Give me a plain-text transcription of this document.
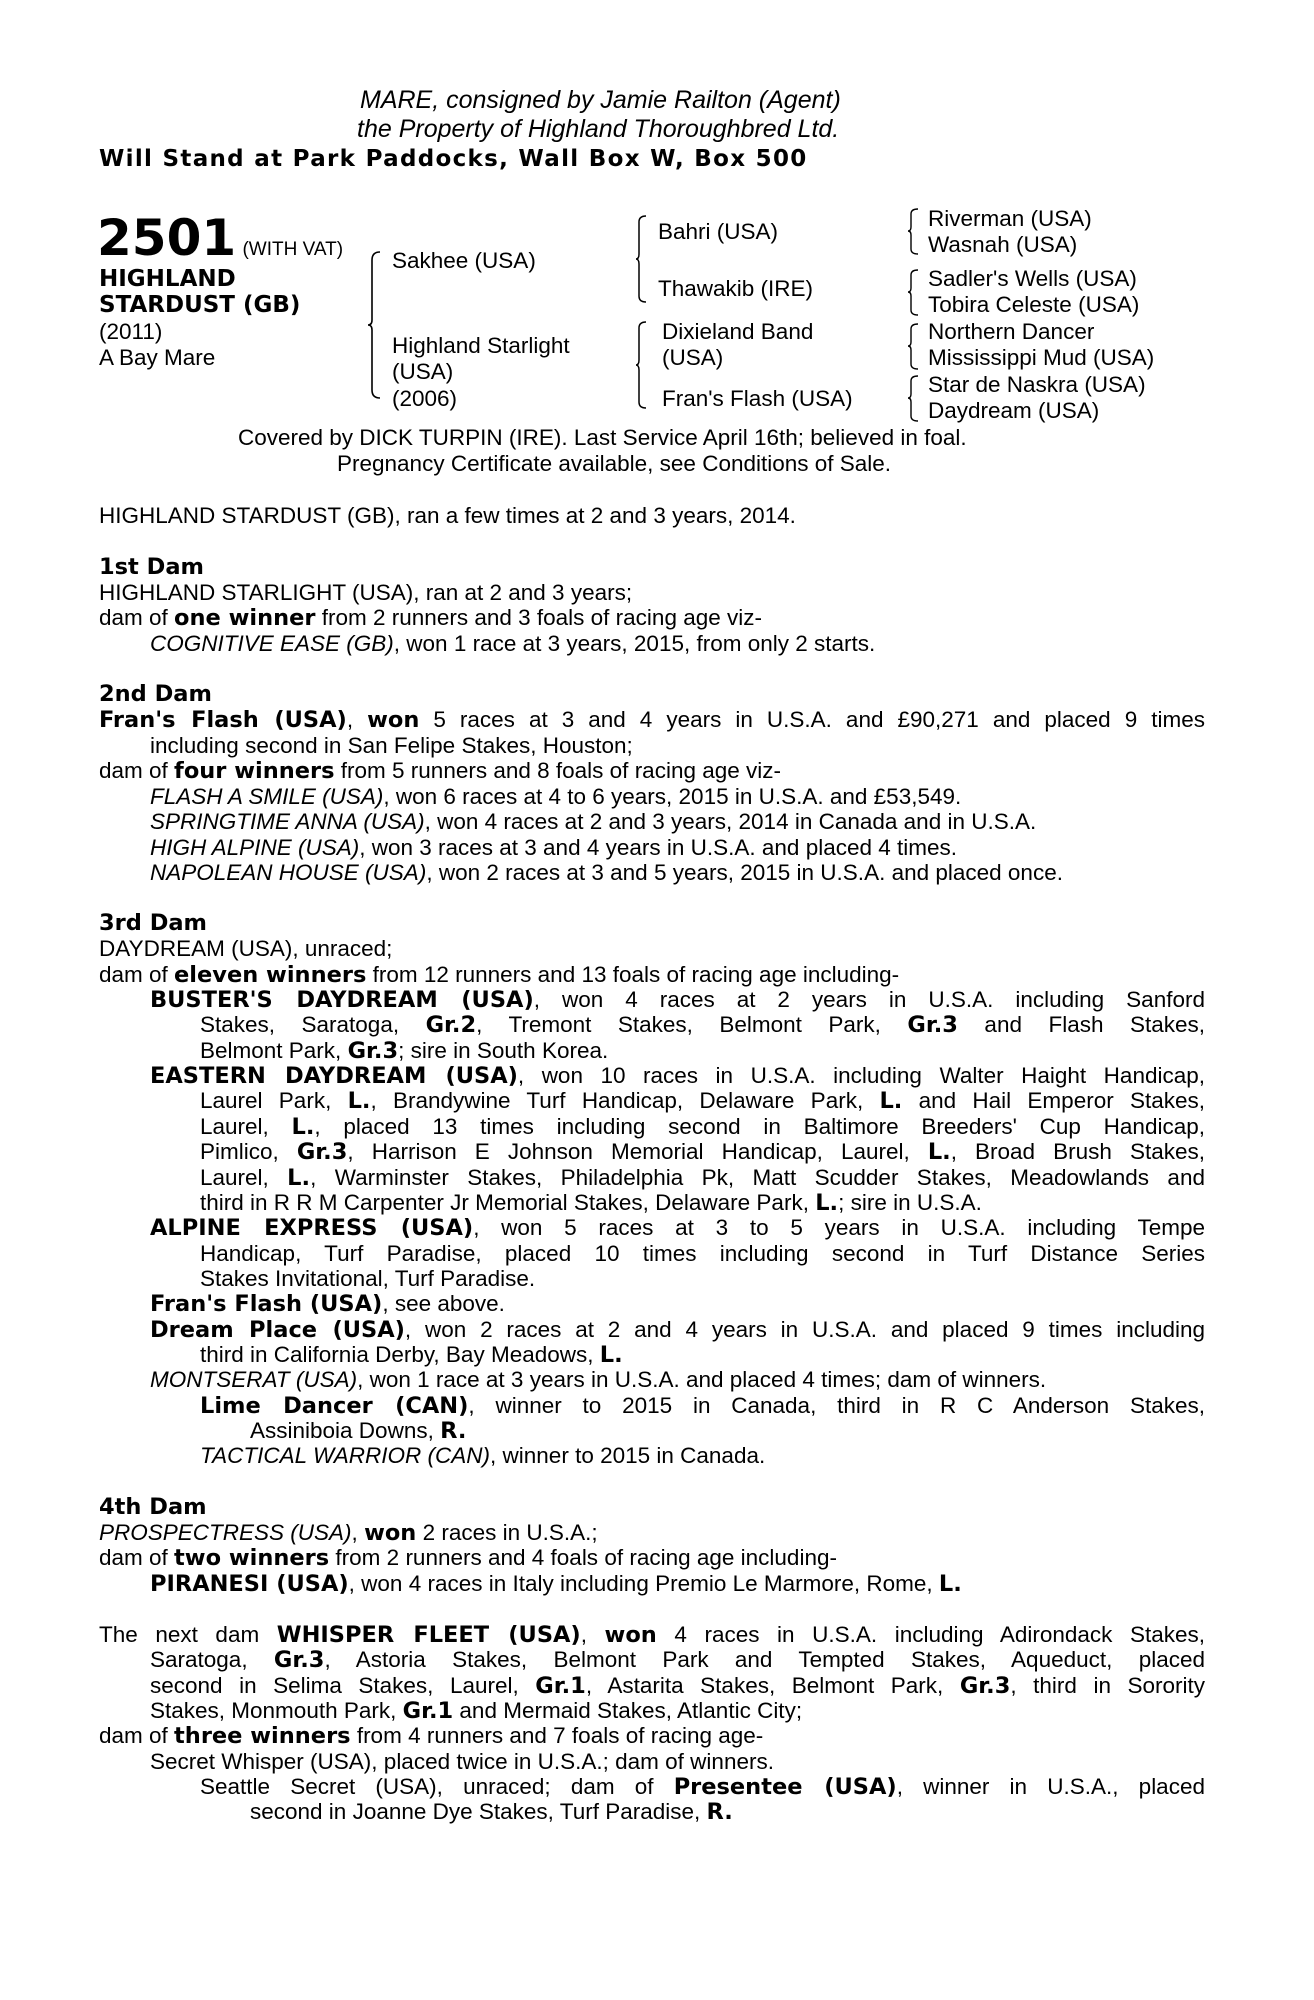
MARE, consigned by Jamie Railton (Agent)
the Property of Highland Thoroughbred Ltd.
Will Stand at Park Paddocks, Wall Box W, Box 500
2501 (WITH VAT)
HIGHLAND
STARDUST (GB)
(2011)
A Bay Mare
Sakhee (USA)
Highland Starlight
(USA)
(2006)
Bahri (USA)
Thawakib (IRE)
Dixieland Band
(USA)
Fran's Flash (USA)
Riverman (USA)
Wasnah (USA)
Sadler's Wells (USA)
Tobira Celeste (USA)
Northern Dancer
Mississippi Mud (USA)
Star de Naskra (USA)
Daydream (USA)
Covered by DICK TURPIN (IRE). Last Service April 16th; believed in foal.
Pregnancy Certificate available, see Conditions of Sale.
HIGHLAND STARDUST (GB), ran a few times at 2 and 3 years, 2014.
1st Dam
HIGHLAND STARLIGHT (USA), ran at 2 and 3 years;
dam of one winner from 2 runners and 3 foals of racing age viz-
COGNITIVE EASE (GB), won 1 race at 3 years, 2015, from only 2 starts.
2nd Dam
Fran's Flash (USA), won 5 races at 3 and 4 years in U.S.A. and £90,271 and placed 9 times
including second in San Felipe Stakes, Houston;
dam of four winners from 5 runners and 8 foals of racing age viz-
FLASH A SMILE (USA), won 6 races at 4 to 6 years, 2015 in U.S.A. and £53,549.
SPRINGTIME ANNA (USA), won 4 races at 2 and 3 years, 2014 in Canada and in U.S.A.
HIGH ALPINE (USA), won 3 races at 3 and 4 years in U.S.A. and placed 4 times.
NAPOLEAN HOUSE (USA), won 2 races at 3 and 5 years, 2015 in U.S.A. and placed once.
3rd Dam
DAYDREAM (USA), unraced;
dam of eleven winners from 12 runners and 13 foals of racing age including-
BUSTER'S DAYDREAM (USA), won 4 races at 2 years in U.S.A. including Sanford
Stakes, Saratoga, Gr.2, Tremont Stakes, Belmont Park, Gr.3 and Flash Stakes,
Belmont Park, Gr.3; sire in South Korea.
EASTERN DAYDREAM (USA), won 10 races in U.S.A. including Walter Haight Handicap,
Laurel Park, L., Brandywine Turf Handicap, Delaware Park, L. and Hail Emperor Stakes,
Laurel, L., placed 13 times including second in Baltimore Breeders' Cup Handicap,
Pimlico, Gr.3, Harrison E Johnson Memorial Handicap, Laurel, L., Broad Brush Stakes,
Laurel, L., Warminster Stakes, Philadelphia Pk, Matt Scudder Stakes, Meadowlands and
third in R R M Carpenter Jr Memorial Stakes, Delaware Park, L.; sire in U.S.A.
ALPINE EXPRESS (USA), won 5 races at 3 to 5 years in U.S.A. including Tempe
Handicap, Turf Paradise, placed 10 times including second in Turf Distance Series
Stakes Invitational, Turf Paradise.
Fran's Flash (USA), see above.
Dream Place (USA), won 2 races at 2 and 4 years in U.S.A. and placed 9 times including
third in California Derby, Bay Meadows, L.
MONTSERAT (USA), won 1 race at 3 years in U.S.A. and placed 4 times; dam of winners.
Lime Dancer (CAN), winner to 2015 in Canada, third in R C Anderson Stakes,
Assiniboia Downs, R.
TACTICAL WARRIOR (CAN), winner to 2015 in Canada.
4th Dam
PROSPECTRESS (USA), won 2 races in U.S.A.;
dam of two winners from 2 runners and 4 foals of racing age including-
PIRANESI (USA), won 4 races in Italy including Premio Le Marmore, Rome, L.
The next dam WHISPER FLEET (USA), won 4 races in U.S.A. including Adirondack Stakes,
Saratoga, Gr.3, Astoria Stakes, Belmont Park and Tempted Stakes, Aqueduct, placed
second in Selima Stakes, Laurel, Gr.1, Astarita Stakes, Belmont Park, Gr.3, third in Sorority
Stakes, Monmouth Park, Gr.1 and Mermaid Stakes, Atlantic City;
dam of three winners from 4 runners and 7 foals of racing age-
Secret Whisper (USA), placed twice in U.S.A.; dam of winners.
Seattle Secret (USA), unraced; dam of Presentee (USA), winner in U.S.A., placed
second in Joanne Dye Stakes, Turf Paradise, R.
